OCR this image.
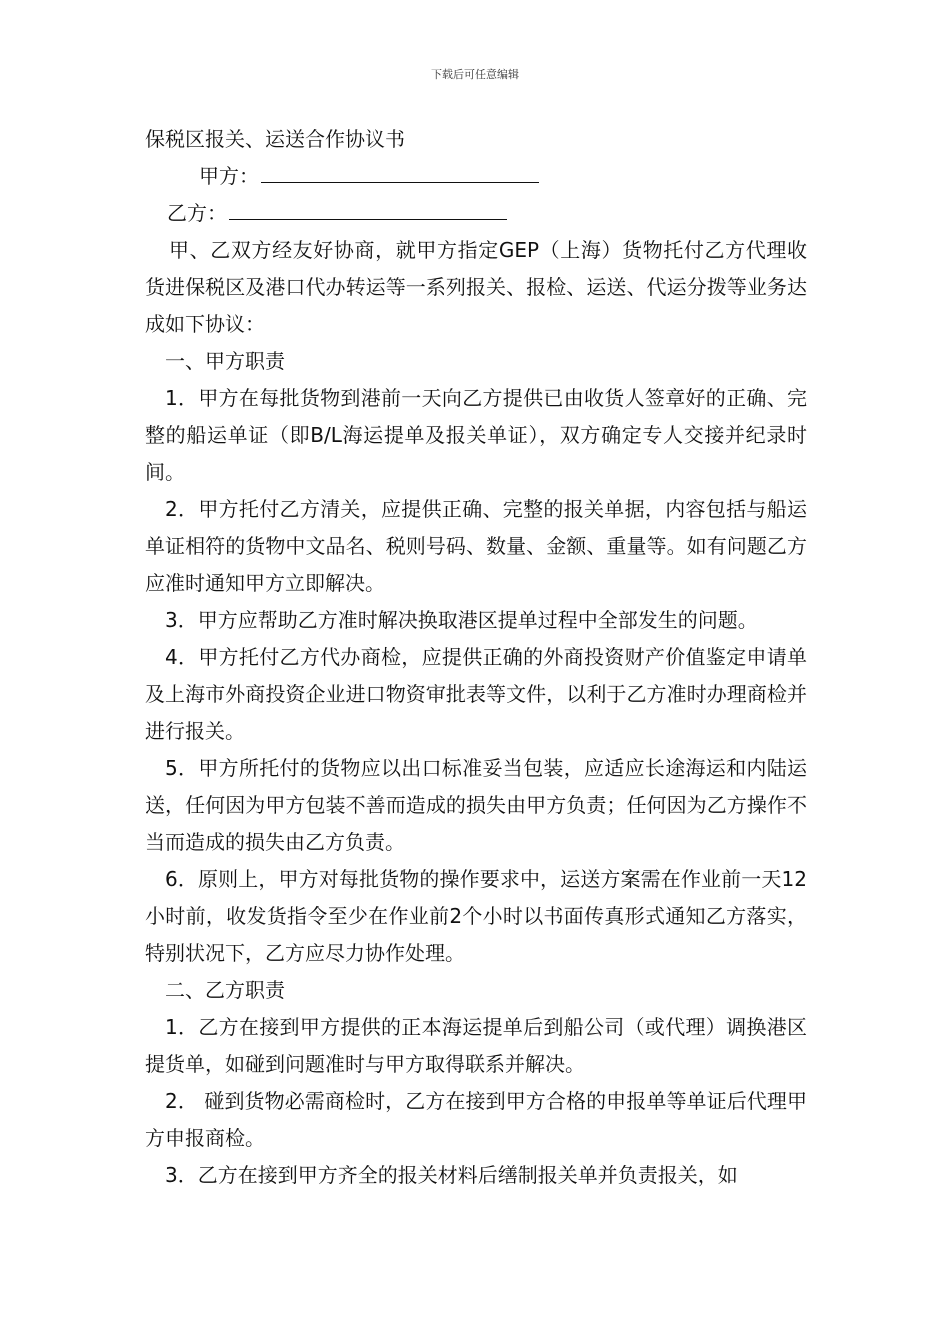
下载后可任意编辑

保税区报关、运送合作协议书

甲方：

乙方：

甲、乙双方经友好协商，就甲方指定GEP（上海）货物托付乙方代理收货进保税区及港口代办转运等一系列报关、报检、运送、代运分拨等业务达成如下协议：

一、甲方职责

1．甲方在每批货物到港前一天向乙方提供已由收货人签章好的正确、完整的船运单证（即B/L海运提单及报关单证），双方确定专人交接并纪录时间。

2．甲方托付乙方清关，应提供正确、完整的报关单据，内容包括与船运单证相符的货物中文品名、税则号码、数量、金额、重量等。如有问题乙方应准时通知甲方立即解决。

3．甲方应帮助乙方准时解决换取港区提单过程中全部发生的问题。

4．甲方托付乙方代办商检，应提供正确的外商投资财产价值鉴定申请单及上海市外商投资企业进口物资审批表等文件，以利于乙方准时办理商检并进行报关。

5．甲方所托付的货物应以出口标准妥当包装，应适应长途海运和内陆运送，任何因为甲方包装不善而造成的损失由甲方负责；任何因为乙方操作不当而造成的损失由乙方负责。

6．原则上，甲方对每批货物的操作要求中，运送方案需在作业前一天12小时前，收发货指令至少在作业前2个小时以书面传真形式通知乙方落实，特别状况下，乙方应尽力协作处理。

二、乙方职责

1．乙方在接到甲方提供的正本海运提单后到船公司（或代理）调换港区提货单，如碰到问题准时与甲方取得联系并解决。

2． 碰到货物必需商检时，乙方在接到甲方合格的申报单等单证后代理甲方申报商检。

3．乙方在接到甲方齐全的报关材料后缮制报关单并负责报关，如
